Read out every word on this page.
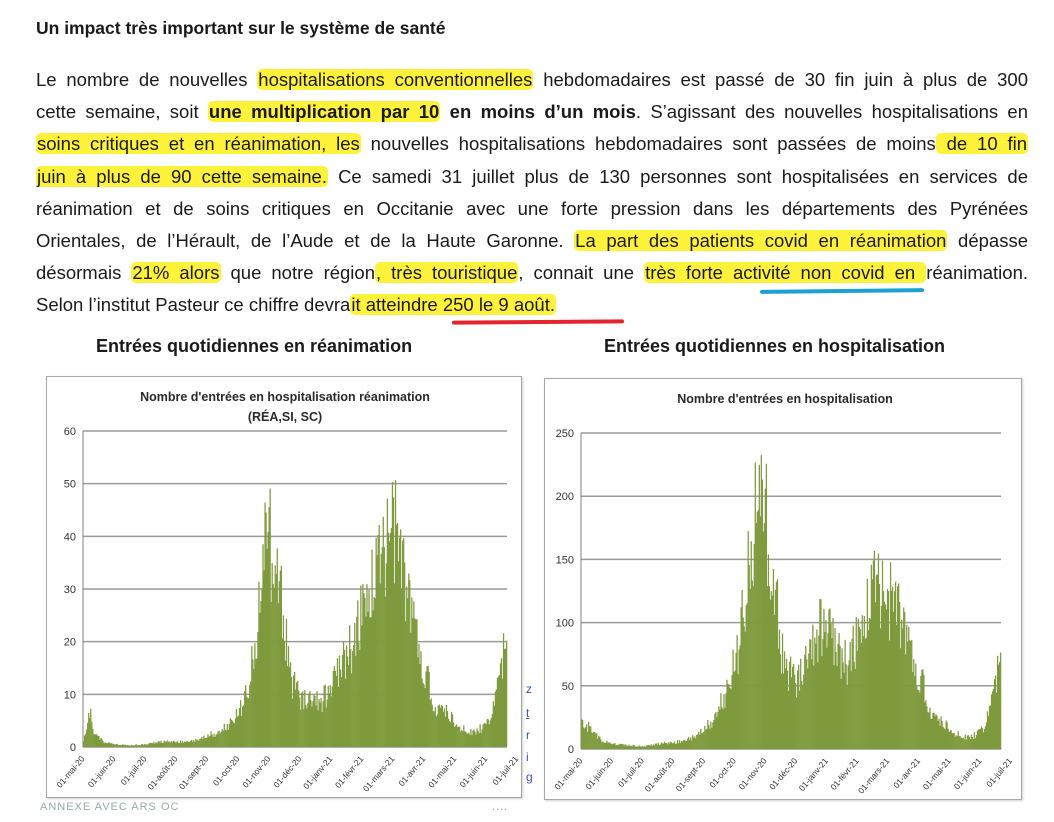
Un impact très important sur le système de santé
Le nombre de nouvelles hospitalisations conventionnelles hebdomadaires est passé de 30 fin juin à plus de 300
cette semaine, soit une multiplication par 10 en moins d’un mois. S’agissant des nouvelles hospitalisations en
soins critiques et en réanimation, les nouvelles hospitalisations hebdomadaires sont passées de moins de 10 fin
juin à plus de 90 cette semaine. Ce samedi 31 juillet plus de 130 personnes sont hospitalisées en services de
réanimation et de soins critiques en Occitanie avec une forte pression dans les départements des Pyrénées
Orientales, de l’Hérault, de l’Aude et de la Haute Garonne. La part des patients covid en réanimation dépasse
désormais 21% alors que notre région, très touristique, connait une très forte activité non covid en réanimation.
Selon l’institut Pasteur ce chiffre devrait atteindre 250 le 9 août.
Entrées quotidiennes en réanimation	Entrées quotidiennes en hospitalisation
Nombre d'entrées en hospitalisation réanimation
(RÉA,SI, SC)
0
10
20
30
40
50
60
01-mai-20 01-juin-20 01-juil-20
01-août-20
01-sept-20 01-oct-20
01-nov-20
01-déc-20
01-janv-21
01-févr-21
01-mars-21 01-avr-21
01-mai-21 01-juin-21 01-juil-21
Nombre d'entrées en hospitalisation
0
50
100
150
200
250
01-mai-20
01-juin-20 01-juil-20
01-août-20
01-sept-20 01-oct-20
01-nov-20
01-déc-20
01-janv-21
01-févr-21
01-mars-21 01-avr-21
01-mai-21
01-juin-21 01-juil-21
z
t
r
i
g
ANNEXE AVEC ARS OC	....
